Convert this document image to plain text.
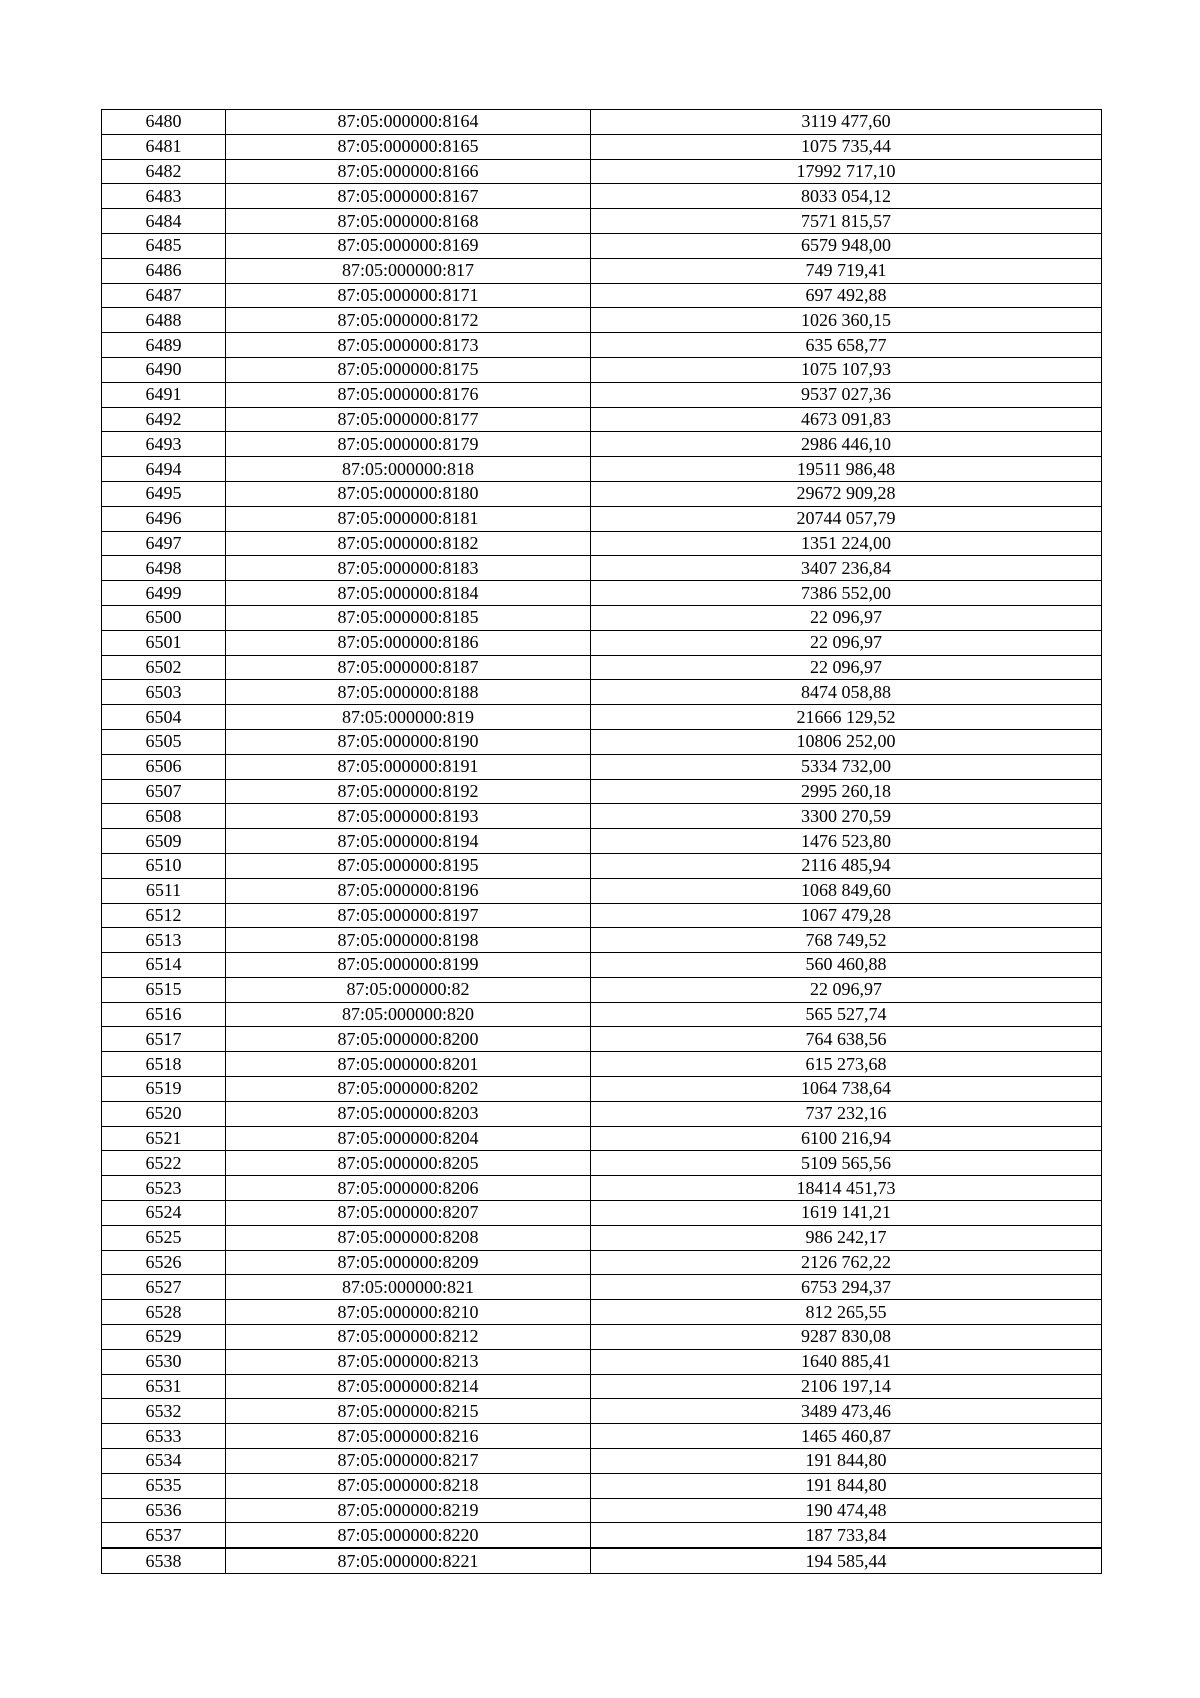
6480	87:05:000000:8164	3119 477,60
6481	87:05:000000:8165	1075 735,44
6482	87:05:000000:8166	17992 717,10
6483	87:05:000000:8167	8033 054,12
6484	87:05:000000:8168	7571 815,57
6485	87:05:000000:8169	6579 948,00
6486	87:05:000000:817	749 719,41
6487	87:05:000000:8171	697 492,88
6488	87:05:000000:8172	1026 360,15
6489	87:05:000000:8173	635 658,77
6490	87:05:000000:8175	1075 107,93
6491	87:05:000000:8176	9537 027,36
6492	87:05:000000:8177	4673 091,83
6493	87:05:000000:8179	2986 446,10
6494	87:05:000000:818	19511 986,48
6495	87:05:000000:8180	29672 909,28
6496	87:05:000000:8181	20744 057,79
6497	87:05:000000:8182	1351 224,00
6498	87:05:000000:8183	3407 236,84
6499	87:05:000000:8184	7386 552,00
6500	87:05:000000:8185	22 096,97
6501	87:05:000000:8186	22 096,97
6502	87:05:000000:8187	22 096,97
6503	87:05:000000:8188	8474 058,88
6504	87:05:000000:819	21666 129,52
6505	87:05:000000:8190	10806 252,00
6506	87:05:000000:8191	5334 732,00
6507	87:05:000000:8192	2995 260,18
6508	87:05:000000:8193	3300 270,59
6509	87:05:000000:8194	1476 523,80
6510	87:05:000000:8195	2116 485,94
6511	87:05:000000:8196	1068 849,60
6512	87:05:000000:8197	1067 479,28
6513	87:05:000000:8198	768 749,52
6514	87:05:000000:8199	560 460,88
6515	87:05:000000:82	22 096,97
6516	87:05:000000:820	565 527,74
6517	87:05:000000:8200	764 638,56
6518	87:05:000000:8201	615 273,68
6519	87:05:000000:8202	1064 738,64
6520	87:05:000000:8203	737 232,16
6521	87:05:000000:8204	6100 216,94
6522	87:05:000000:8205	5109 565,56
6523	87:05:000000:8206	18414 451,73
6524	87:05:000000:8207	1619 141,21
6525	87:05:000000:8208	986 242,17
6526	87:05:000000:8209	2126 762,22
6527	87:05:000000:821	6753 294,37
6528	87:05:000000:8210	812 265,55
6529	87:05:000000:8212	9287 830,08
6530	87:05:000000:8213	1640 885,41
6531	87:05:000000:8214	2106 197,14
6532	87:05:000000:8215	3489 473,46
6533	87:05:000000:8216	1465 460,87
6534	87:05:000000:8217	191 844,80
6535	87:05:000000:8218	191 844,80
6536	87:05:000000:8219	190 474,48
6537	87:05:000000:8220	187 733,84
6538	87:05:000000:8221	194 585,44
